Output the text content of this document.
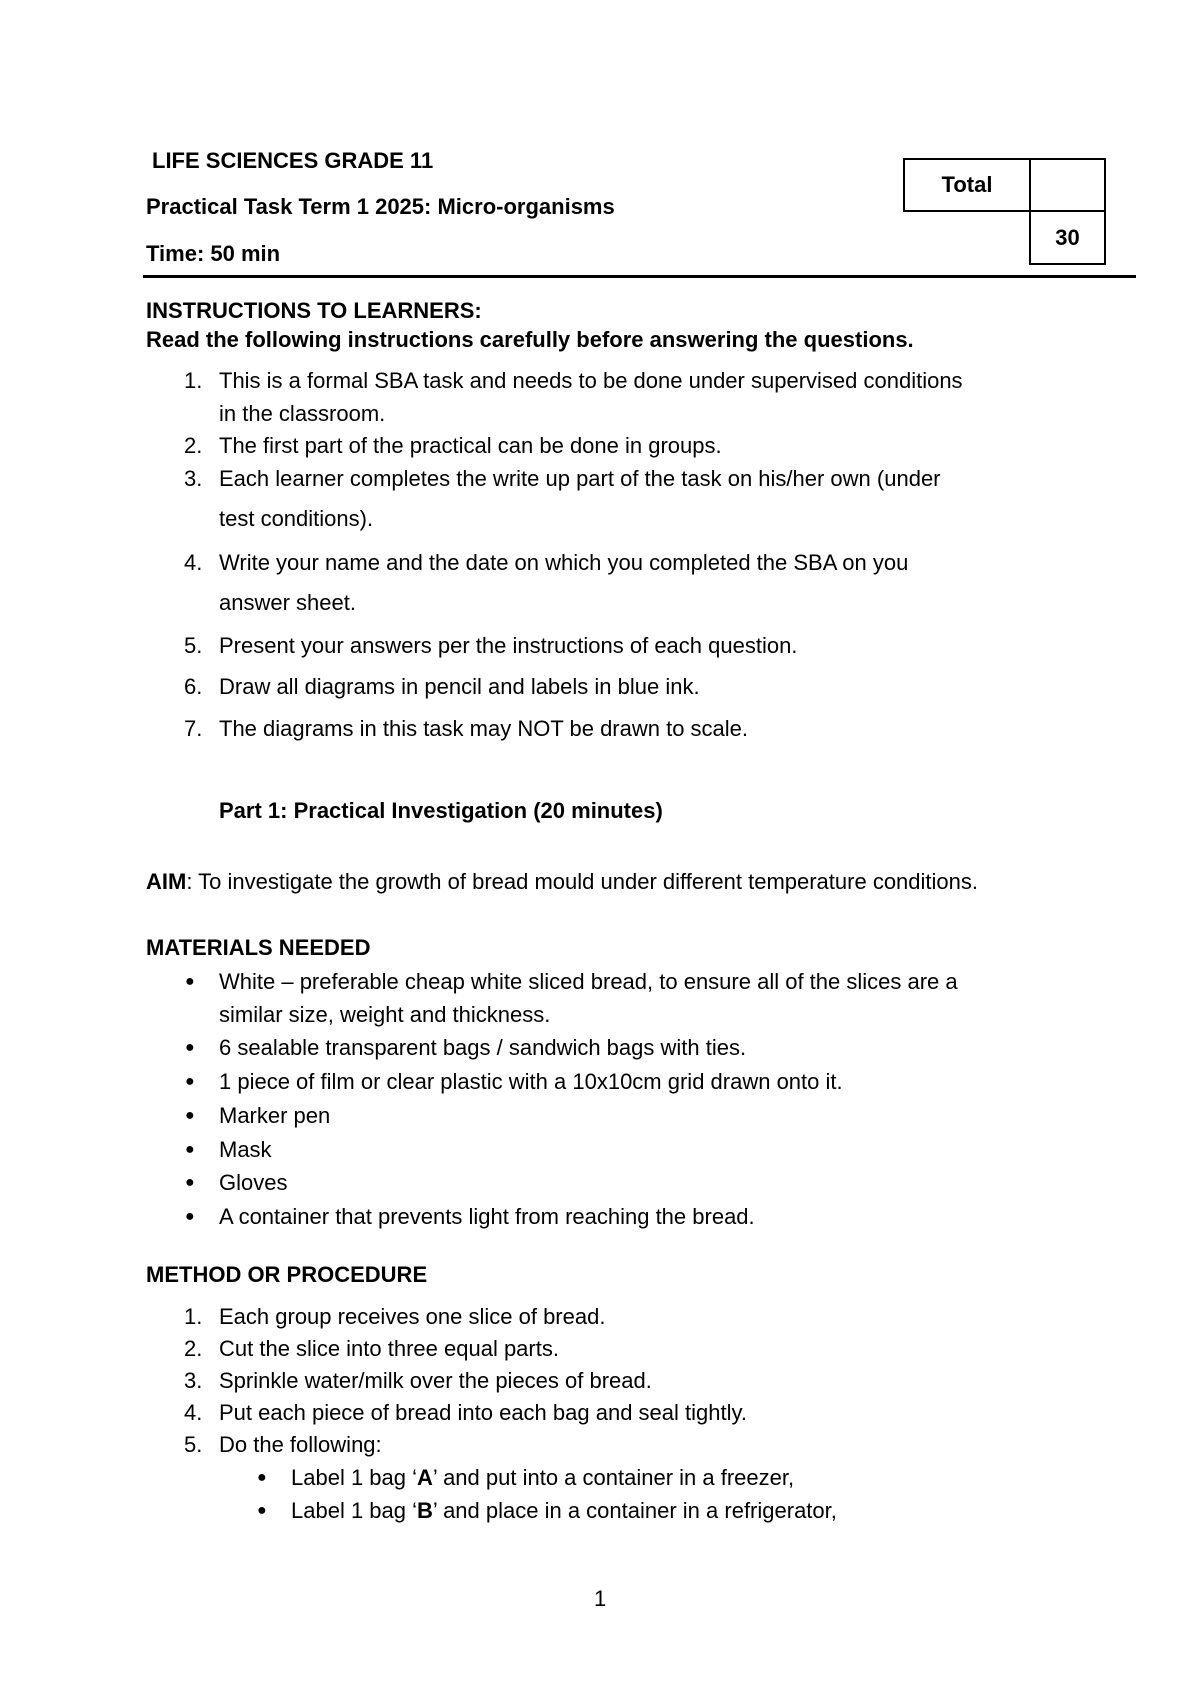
LIFE SCIENCES GRADE 11
Practical Task Term 1 2025: Micro-organisms
Time: 50 min
Total
30
INSTRUCTIONS TO LEARNERS:
Read the following instructions carefully before answering the questions.
1. This is a formal SBA task and needs to be done under supervised conditions
in the classroom.
2. The first part of the practical can be done in groups.
3. Each learner completes the write up part of the task on his/her own (under
test conditions).
4. Write your name and the date on which you completed the SBA on you
answer sheet.
5. Present your answers per the instructions of each question.
6. Draw all diagrams in pencil and labels in blue ink.
7. The diagrams in this task may NOT be drawn to scale.
Part 1: Practical Investigation (20 minutes)
AIM: To investigate the growth of bread mould under different temperature conditions.
MATERIALS NEEDED
● White – preferable cheap white sliced bread, to ensure all of the slices are a
similar size, weight and thickness.
● 6 sealable transparent bags / sandwich bags with ties.
● 1 piece of film or clear plastic with a 10x10cm grid drawn onto it.
● Marker pen
● Mask
● Gloves
● A container that prevents light from reaching the bread.
METHOD OR PROCEDURE
1. Each group receives one slice of bread.
2. Cut the slice into three equal parts.
3. Sprinkle water/milk over the pieces of bread.
4. Put each piece of bread into each bag and seal tightly.
5. Do the following:
● Label 1 bag ‘A’ and put into a container in a freezer,
● Label 1 bag ‘B’ and place in a container in a refrigerator,
1
